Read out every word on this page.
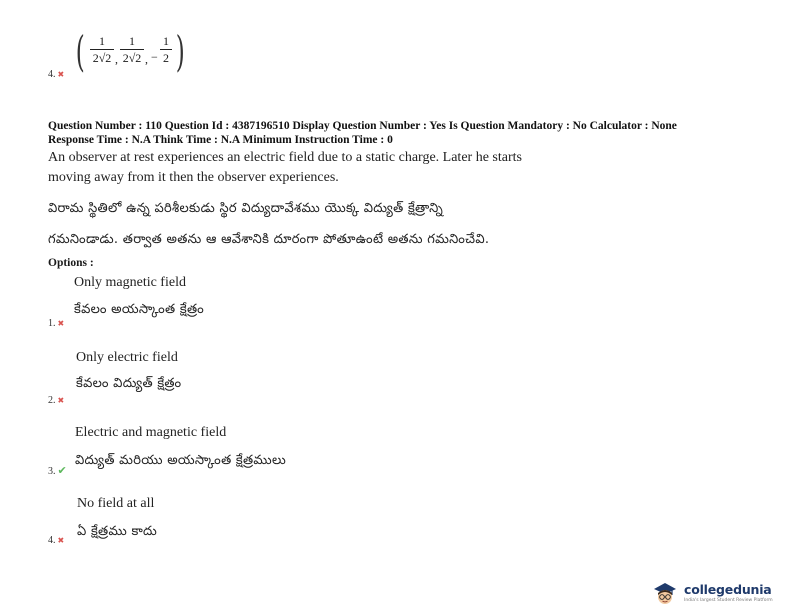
4. ✖ (	1
2√2 ,
1
2√2 , −
1
2 )
Question Number : 110 Question Id : 4387196510 Display Question Number : Yes Is Question Mandatory : No Calculator : None
Response Time : N.A Think Time : N.A Minimum Instruction Time : 0
An observer at rest experiences an electric field due to a static charge. Later he starts
moving away from it then the observer experiences.
విరామ స్థితిలో ఉన్న పరిశీలకుడు స్థిర విద్యుదావేశము యొక్క విద్యుత్ క్షేత్రాన్ని
గమనిండాడు. తర్వాత అతను ఆ ఆవేశానికి దూరంగా పోతూఉంటే అతను గమనించేవి.
Options :
Only magnetic field
కేవలం అయస్కాంత క్షేత్రం
1. ✖
Only electric field
కేవలం విద్యుత్ క్షేత్రం
2. ✖
Electric and magnetic field
విద్యుత్ మరియు అయస్కాంత క్షేత్రములు
3. ✔
No field at all
ఏ క్షేత్రము కాదు
4. ✖
collegedunia
India's largest Student Review Platform
